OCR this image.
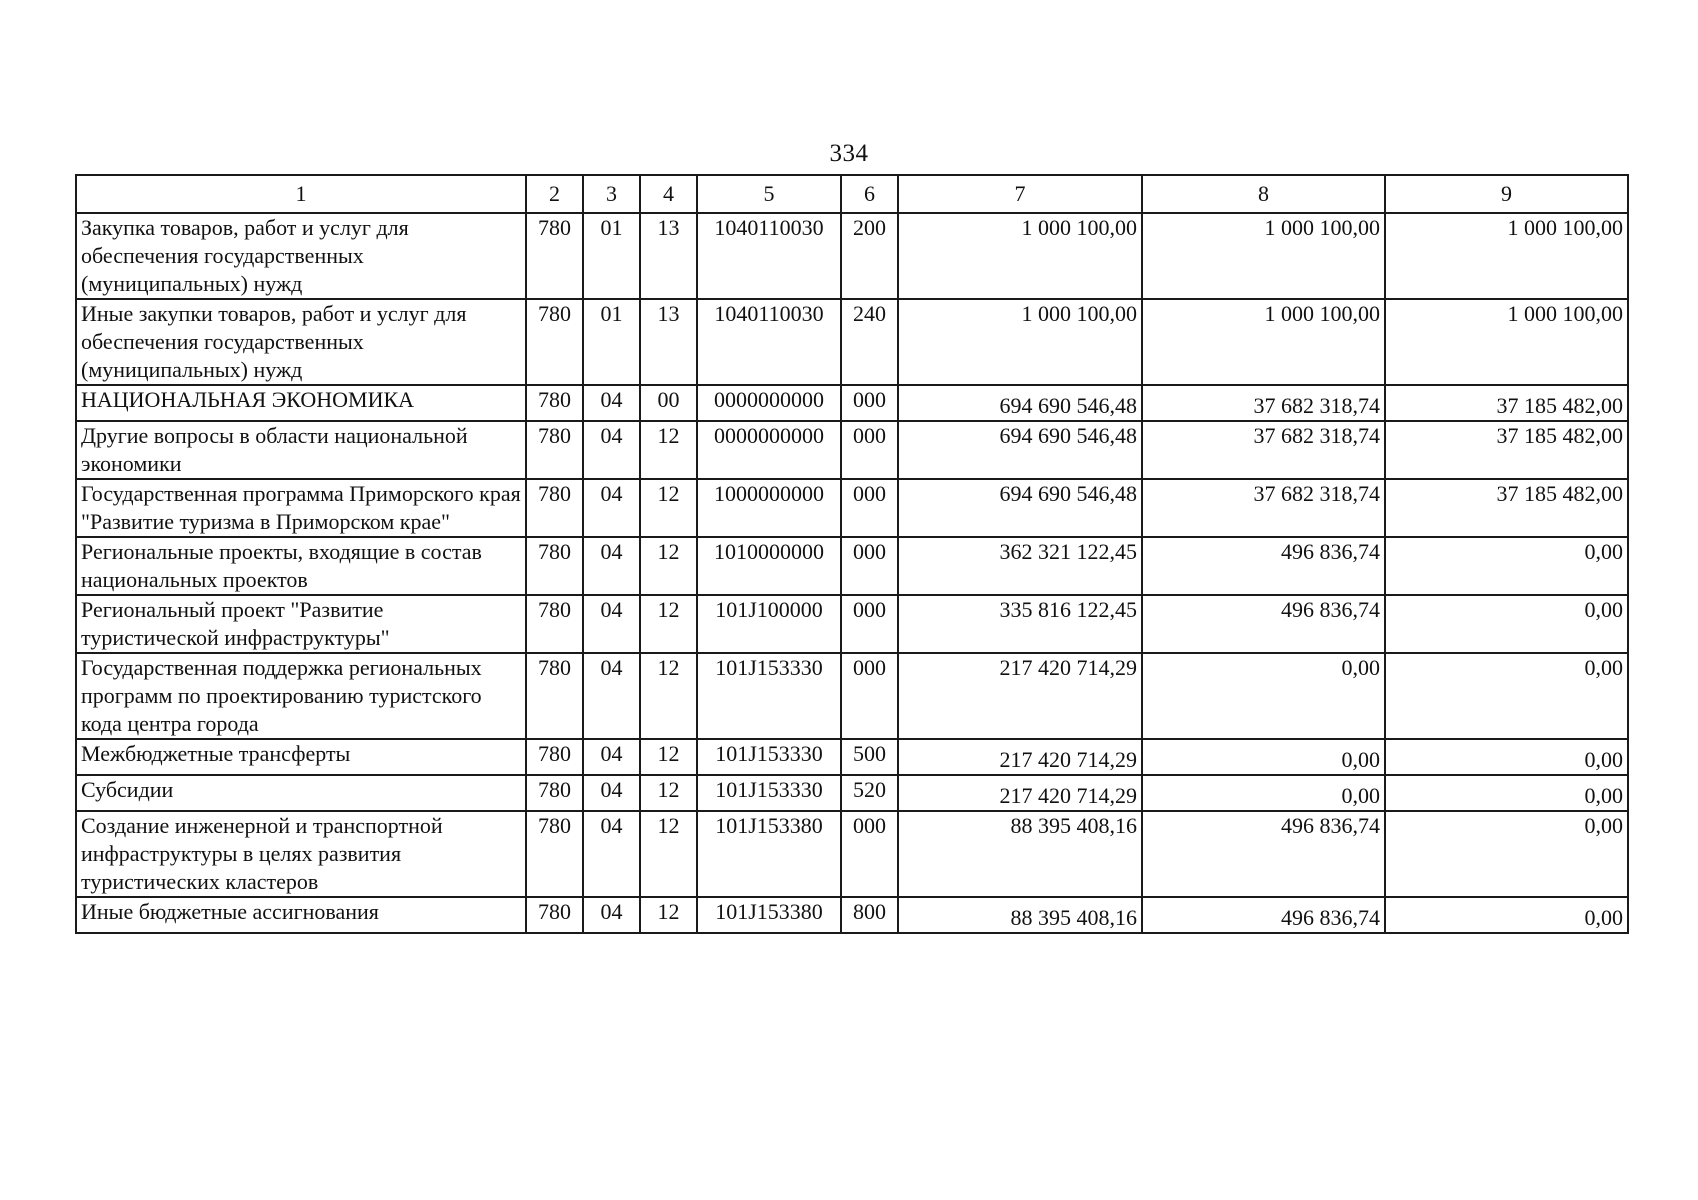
334
1	2	3	4	5	6	7	8	9
Закупка товаров, работ и услуг для обеспечения государственных (муниципальных) нужд	780	01	13	1040110030	200	1 000 100,00	1 000 100,00	1 000 100,00
Иные закупки товаров, работ и услуг для обеспечения государственных (муниципальных) нужд	780	01	13	1040110030	240	1 000 100,00	1 000 100,00	1 000 100,00
НАЦИОНАЛЬНАЯ ЭКОНОМИКА	780	04	00	0000000000	000	694 690 546,48	37 682 318,74	37 185 482,00
Другие вопросы в области национальной экономики	780	04	12	0000000000	000	694 690 546,48	37 682 318,74	37 185 482,00
Государственная программа Приморского края "Развитие туризма в Приморском крае"	780	04	12	1000000000	000	694 690 546,48	37 682 318,74	37 185 482,00
Региональные проекты, входящие в состав национальных проектов	780	04	12	1010000000	000	362 321 122,45	496 836,74	0,00
Региональный проект "Развитие туристической инфраструктуры"	780	04	12	101J100000	000	335 816 122,45	496 836,74	0,00
Государственная поддержка региональных программ по проектированию туристского кода центра города	780	04	12	101J153330	000	217 420 714,29	0,00	0,00
Межбюджетные трансферты	780	04	12	101J153330	500	217 420 714,29	0,00	0,00
Субсидии	780	04	12	101J153330	520	217 420 714,29	0,00	0,00
Создание инженерной и транспортной инфраструктуры в целях развития туристических кластеров	780	04	12	101J153380	000	88 395 408,16	496 836,74	0,00
Иные бюджетные ассигнования	780	04	12	101J153380	800	88 395 408,16	496 836,74	0,00
